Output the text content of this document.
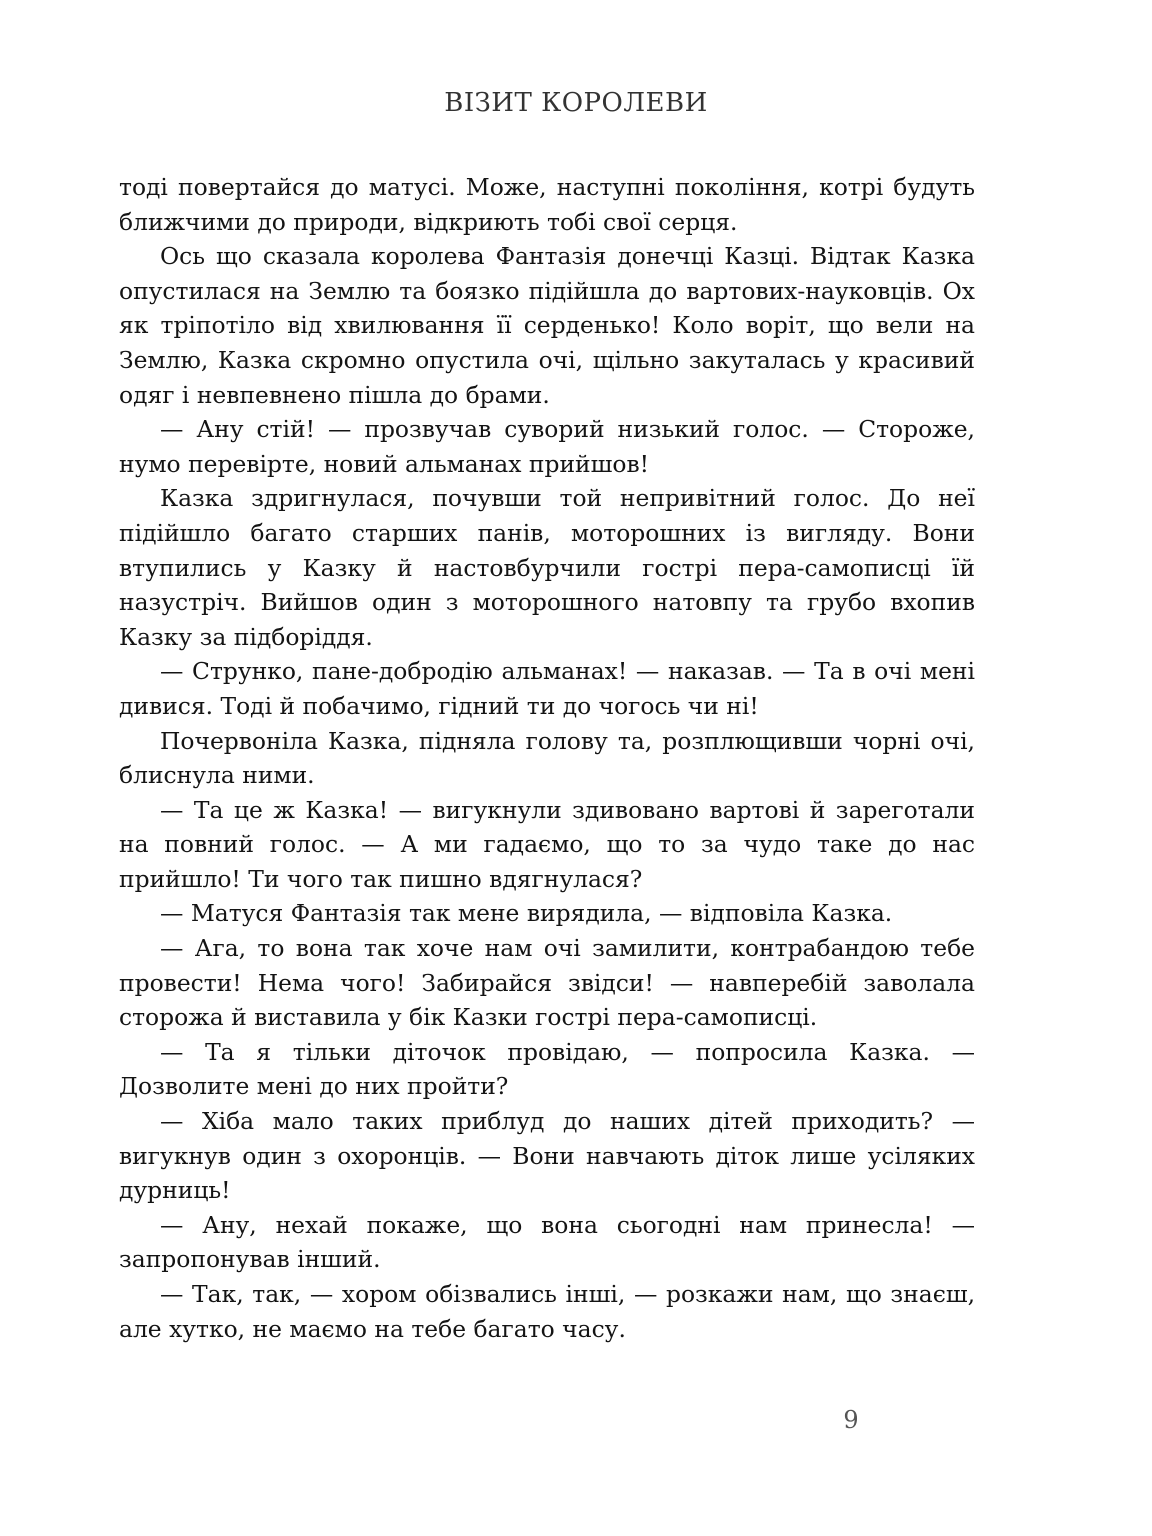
ВІЗИТ КОРОЛЕВИ

тоді повертайся до матусі. Може, наступні покоління, котрі будуть ближчими до природи, відкриють тобі свої серця.

Ось що сказала королева Фантазія донечці Казці. Відтак Казка опустилася на Землю та боязко підійшла до вартових-науковців. Ох як тріпотіло від хвилювання її серденько! Коло воріт, що вели на Землю, Казка скромно опустила очі, щільно закуталась у красивий одяг і невпевнено пішла до брами.

— Ану стій! — прозвучав суворий низький голос. — Стороже, нумо перевірте, новий альманах прийшов!

Казка здригнулася, почувши той непривітний голос. До неї підійшло багато старших панів, моторошних із вигляду. Вони втупились у Казку й настовбурчили гострі пера-самописці їй назустріч. Вийшов один з моторошного натовпу та грубо вхопив Казку за підборіддя.

— Струнко, пане-добродію альманах! — наказав. — Та в очі мені дивися. Тоді й побачимо, гідний ти до чогось чи ні!

Почервоніла Казка, підняла голову та, розплющивши чорні очі, блиснула ними.

— Та це ж Казка! — вигукнули здивовано вартові й зареготали на повний голос. — А ми гадаємо, що то за чудо таке до нас прийшло! Ти чого так пишно вдягнулася?

— Матуся Фантазія так мене вирядила, — відповіла Казка.

— Ага, то вона так хоче нам очі замилити, контрабандою тебе провести! Нема чого! Забирайся звідси! — навперебій заволала сторожа й виставила у бік Казки гострі пера-самописці.

— Та я тільки діточок провідаю, — попросила Казка. — Дозволите мені до них пройти?

— Хіба мало таких приблуд до наших дітей приходить? — вигукнув один з охоронців. — Вони навчають діток лише усіляких дурниць!

— Ану, нехай покаже, що вона сьогодні нам принесла! — запропонував інший.

— Так, так, — хором обізвались інші, — розкажи нам, що знаєш, але хутко, не маємо на тебе багато часу.

9
